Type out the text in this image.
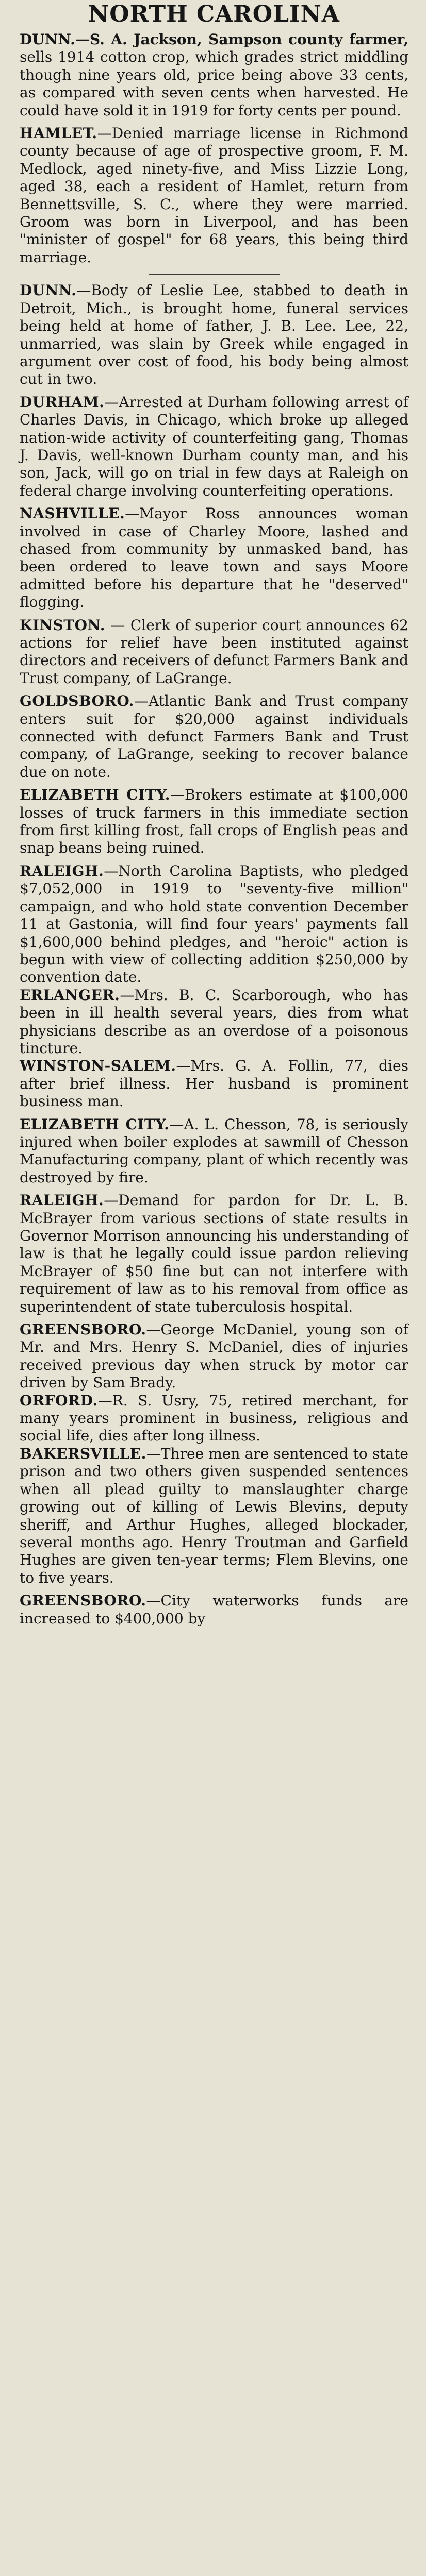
NORTH CAROLINA

DUNN.—S. A. Jackson, Sampson county farmer, sells 1914 cotton crop, which grades strict middling though nine years old, price being above 33 cents, as compared with seven cents when harvested. He could have sold it in 1919 for forty cents per pound.

HAMLET.—Denied marriage license in Richmond county because of age of prospective groom, F. M. Medlock, aged ninety-five, and Miss Lizzie Long, aged 38, each a resident of Hamlet, return from Bennettsville, S. C., where they were married. Groom was born in Liverpool, and has been "minister of gospel" for 68 years, this being third marriage.

DUNN.—Body of Leslie Lee, stabbed to death in Detroit, Mich., is brought home, funeral services being held at home of father, J. B. Lee. Lee, 22, unmarried, was slain by Greek while engaged in argument over cost of food, his body being almost cut in two.

DURHAM.—Arrested at Durham following arrest of Charles Davis, in Chicago, which broke up alleged nation-wide activity of counterfeiting gang, Thomas J. Davis, well-known Durham county man, and his son, Jack, will go on trial in few days at Raleigh on federal charge involving counterfeiting operations.

NASHVILLE.—Mayor Ross announces woman involved in case of Charley Moore, lashed and chased from community by unmasked band, has been ordered to leave town and says Moore admitted before his departure that he "deserved" flogging.

KINSTON. — Clerk of superior court announces 62 actions for relief have been instituted against directors and receivers of defunct Farmers Bank and Trust company, of LaGrange.

GOLDSBORO.—Atlantic Bank and Trust company enters suit for $20,000 against individuals connected with defunct Farmers Bank and Trust company, of LaGrange, seeking to recover balance due on note.

ELIZABETH CITY.—Brokers estimate at $100,000 losses of truck farmers in this immediate section from first killing frost, fall crops of English peas and snap beans being ruined.

RALEIGH.—North Carolina Baptists, who pledged $7,052,000 in 1919 to "seventy-five million" campaign, and who hold state convention December 11 at Gastonia, will find four years' payments fall $1,600,000 behind pledges, and "heroic" action is begun with view of collecting addition $250,000 by convention date.

ERLANGER.—Mrs. B. C. Scarborough, who has been in ill health several years, dies from what physicians describe as an overdose of a poisonous tincture.

WINSTON-SALEM.—Mrs. G. A. Follin, 77, dies after brief illness. Her husband is prominent business man.

ELIZABETH CITY.—A. L. Chesson, 78, is seriously injured when boiler explodes at sawmill of Chesson Manufacturing company, plant of which recently was destroyed by fire.

RALEIGH.—Demand for pardon for Dr. L. B. McBrayer from various sections of state results in Governor Morrison announcing his understanding of law is that he legally could issue pardon relieving McBrayer of $50 fine but can not interfere with requirement of law as to his removal from office as superintendent of state tuberculosis hospital.

GREENSBORO.—George McDaniel, young son of Mr. and Mrs. Henry S. McDaniel, dies of injuries received previous day when struck by motor car driven by Sam Brady.

ORFORD.—R. S. Usry, 75, retired merchant, for many years prominent in business, religious and social life, dies after long illness.

BAKERSVILLE.—Three men are sentenced to state prison and two others given suspended sentences when all plead guilty to manslaughter charge growing out of killing of Lewis Blevins, deputy sheriff, and Arthur Hughes, alleged blockader, several months ago. Henry Troutman and Garfield Hughes are given ten-year terms; Flem Blevins, one to five years.

GREENSBORO.—City waterworks funds are increased to $400,000 by
